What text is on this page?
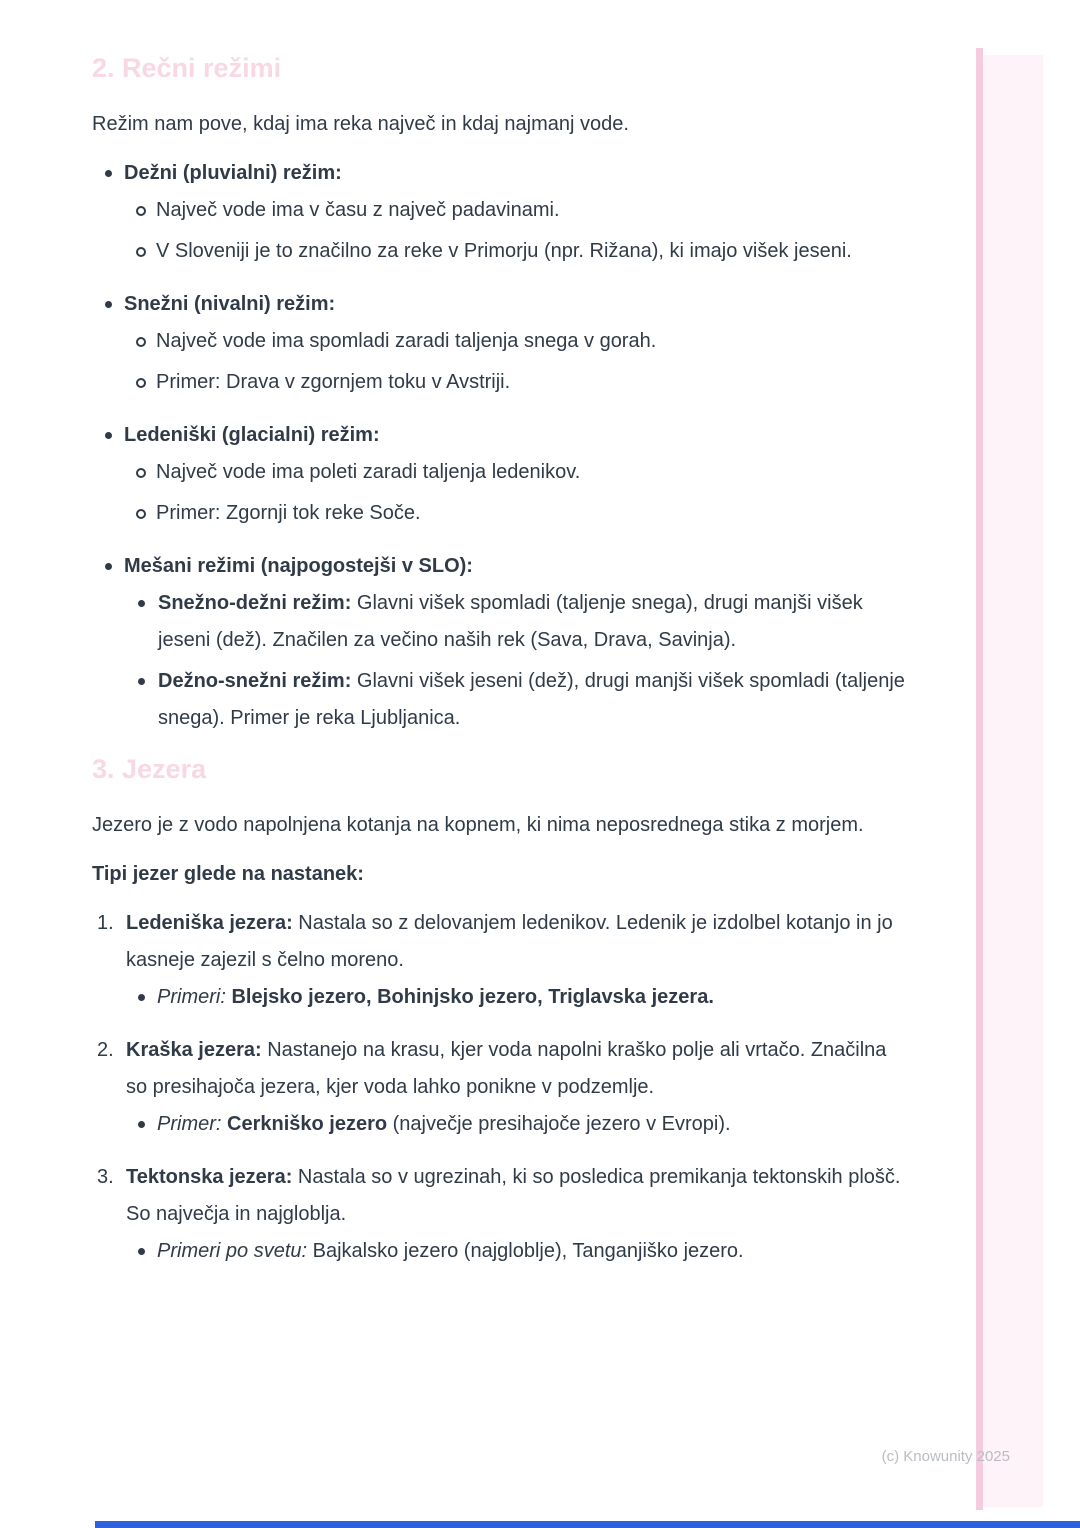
2. Rečni režimi

Režim nam pove, kdaj ima reka največ in kdaj najmanj vode.

Dežni (pluvialni) režim:
Največ vode ima v času z največ padavinami.
V Sloveniji je to značilno za reke v Primorju (npr. Rižana), ki imajo višek jeseni.
Snežni (nivalni) režim:
Največ vode ima spomladi zaradi taljenja snega v gorah.
Primer: Drava v zgornjem toku v Avstriji.
Ledeniški (glacialni) režim:
Največ vode ima poleti zaradi taljenja ledenikov.
Primer: Zgornji tok reke Soče.
Mešani režimi (najpogostejši v SLO):
Snežno-dežni režim: Glavni višek spomladi (taljenje snega), drugi manjši višek jeseni (dež). Značilen za večino naših rek (Sava, Drava, Savinja).
Dežno-snežni režim: Glavni višek jeseni (dež), drugi manjši višek spomladi (taljenje snega). Primer je reka Ljubljanica.
3. Jezera

Jezero je z vodo napolnjena kotanja na kopnem, ki nima neposrednega stika z morjem.

Tipi jezer glede na nastanek:

1. Ledeniška jezera: Nastala so z delovanjem ledenikov. Ledenik je izdolbel kotanjo in jo kasneje zajezil s čelno moreno.
Primeri: Blejsko jezero, Bohinjsko jezero, Triglavska jezera.
2. Kraška jezera: Nastanejo na krasu, kjer voda napolni kraško polje ali vrtačo. Značilna so presihajoča jezera, kjer voda lahko ponikne v podzemlje.
Primer: Cerkniško jezero (največje presihajoče jezero v Evropi).
3. Tektonska jezera: Nastala so v ugrezinah, ki so posledica premikanja tektonskih plošč. So največja in najgloblja.
Primeri po svetu: Bajkalsko jezero (najgloblje), Tanganjiško jezero.
(c) Knowunity 2025
